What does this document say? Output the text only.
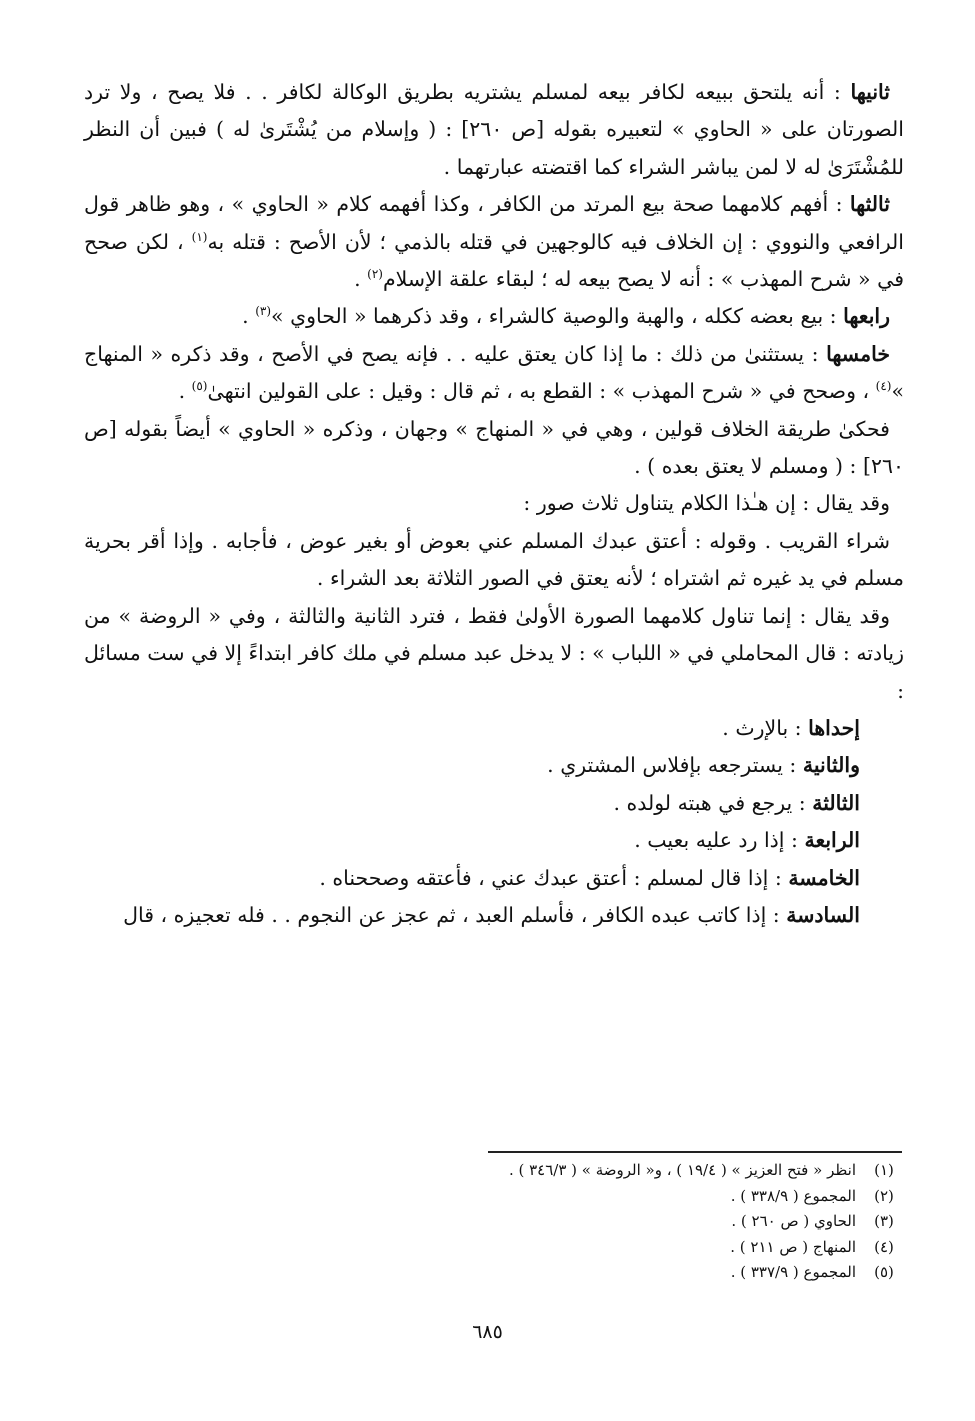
ثانيها : أنه يلتحق ببيعه لكافر بيعه لمسلم يشتريه بطريق الوكالة لكافر . . فلا يصح ، ولا ترد الصورتان على « الحاوي » لتعبيره بقوله [ص ٢٦٠] : ( وإسلام من يُشْتَرىٰ له ) فبين أن النظر للمُشْتَرَىٰ له لا لمن يباشر الشراء كما اقتضته عبارتهما .

ثالثها : أفهم كلامهما صحة بيع المرتد من الكافر ، وكذا أفهمه كلام « الحاوي » ، وهو ظاهر قول الرافعي والنووي : إن الخلاف فيه كالوجهين في قتله بالذمي ؛ لأن الأصح : قتله به$^{(١)}$ ، لكن صحح في « شرح المهذب » : أنه لا يصح بيعه له ؛ لبقاء علقة الإسلام$^{(٢)}$ .

رابعها : بيع بعضه ككله ، والهبة والوصية كالشراء ، وقد ذكرهما « الحاوي »$^{(٣)}$ .

خامسها : يستثنىٰ من ذلك : ما إذا كان يعتق عليه . . فإنه يصح في الأصح ، وقد ذكره « المنهاج »$^{(٤)}$ ، وصحح في « شرح المهذب » : القطع به ، ثم قال : وقيل : على القولين انتهىٰ$^{(٥)}$ .

فحكىٰ طريقة الخلاف قولين ، وهي في « المنهاج » وجهان ، وذكره « الحاوي » أيضاً بقوله [ص ٢٦٠] : ( ومسلم لا يعتق بعده ) .

وقد يقال : إن هـٰذا الكلام يتناول ثلاث صور :

شراء القريب . وقوله : أعتق عبدك المسلم عني بعوض أو بغير عوض ، فأجابه . وإذا أقر بحرية مسلم في يد غيره ثم اشتراه ؛ لأنه يعتق في الصور الثلاثة بعد الشراء .

وقد يقال : إنما تناول كلامهما الصورة الأولىٰ فقط ، فترد الثانية والثالثة ، وفي « الروضة » من زيادته : قال المحاملي في « اللباب » : لا يدخل عبد مسلم في ملك كافر ابتداءً إلا في ست مسائل :

إحداها : بالإرث .

والثانية : يسترجعه بإفلاس المشتري .

الثالثة : يرجع في هبته لولده .

الرابعة : إذا رد عليه بعيب .

الخامسة : إذا قال لمسلم : أعتق عبدك عني ، فأعتقه وصححناه .

السادسة : إذا كاتب عبده الكافر ، فأسلم العبد ، ثم عجز عن النجوم . . فله تعجيزه ، قال

(١)
انظر « فتح العزيز » ( ١٩/٤ ) ، و« الروضة » ( ٣٤٦/٣ ) .
(٢)
المجموع ( ٣٣٨/٩ ) .
(٣)
الحاوي ( ص ٢٦٠ ) .
(٤)
المنهاج ( ص ٢١١ ) .
(٥)
المجموع ( ٣٣٧/٩ ) .
٦٨٥
